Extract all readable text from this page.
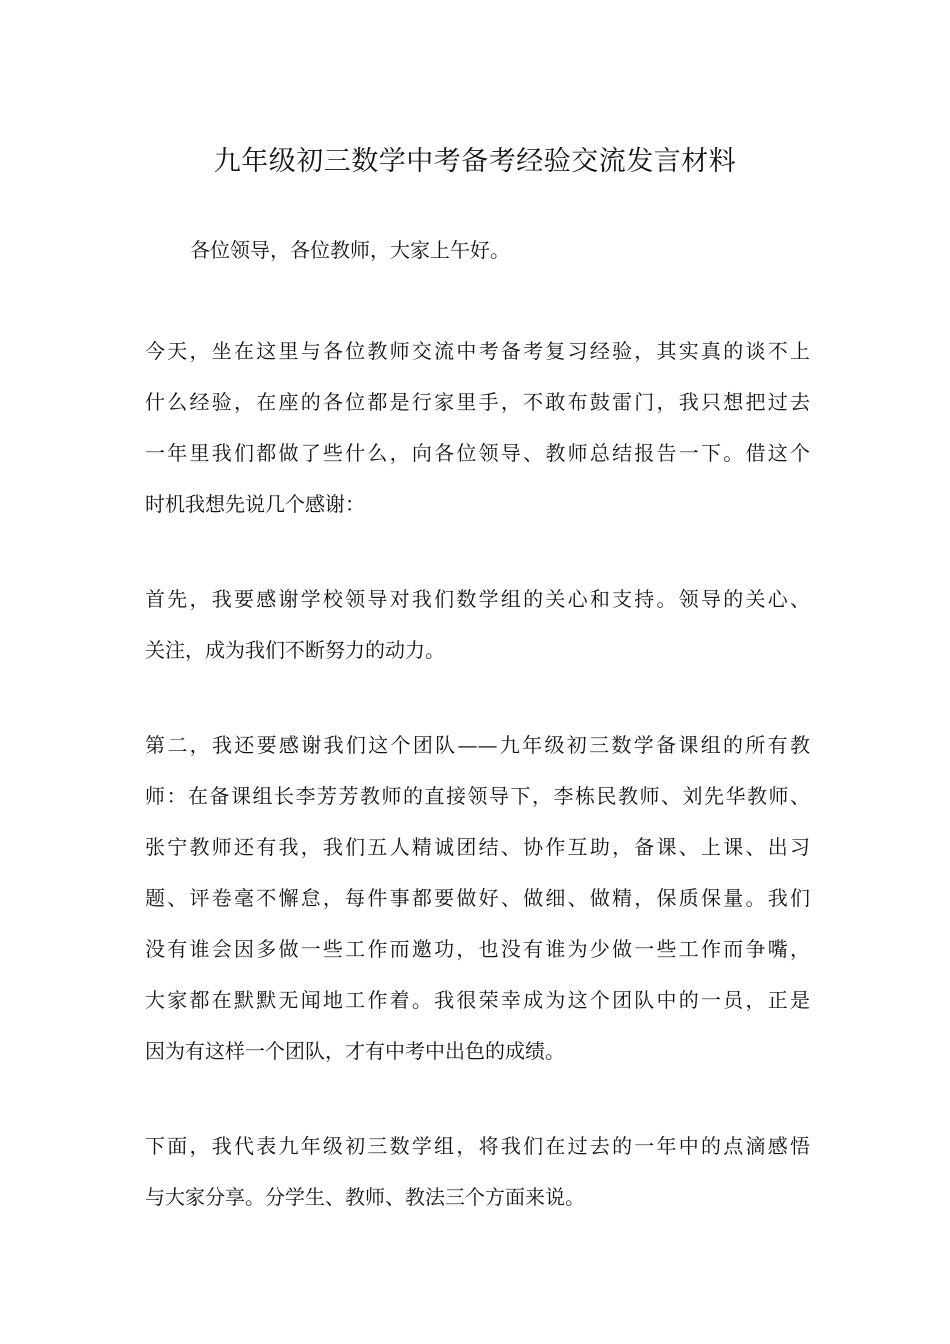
九年级初三数学中考备考经验交流发言材料
各位领导，各位教师，大家上午好。

今天，坐在这里与各位教师交流中考备考复习经验，其实真的谈不上
什么经验，在座的各位都是行家里手，不敢布鼓雷门，我只想把过去
一年里我们都做了些什么，向各位领导、教师总结报告一下。借这个
时机我想先说几个感谢：

首先，我要感谢学校领导对我们数学组的关心和支持。领导的关心、
关注，成为我们不断努力的动力。

第二，我还要感谢我们这个团队——九年级初三数学备课组的所有教
师：在备课组长李芳芳教师的直接领导下，李栋民教师、刘先华教师、
张宁教师还有我，我们五人精诚团结、协作互助，备课、上课、出习
题、评卷毫不懈怠，每件事都要做好、做细、做精，保质保量。我们
没有谁会因多做一些工作而邀功，也没有谁为少做一些工作而争嘴，
大家都在默默无闻地工作着。我很荣幸成为这个团队中的一员，正是
因为有这样一个团队，才有中考中出色的成绩。

下面，我代表九年级初三数学组，将我们在过去的一年中的点滴感悟
与大家分享。分学生、教师、教法三个方面来说。
